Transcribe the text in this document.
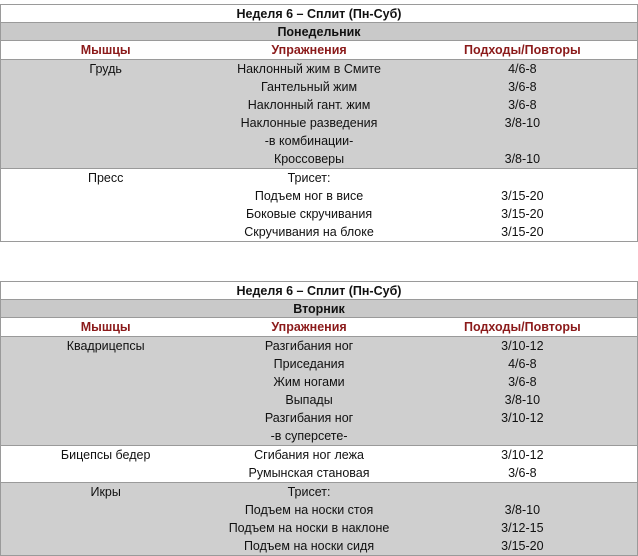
Неделя 6 – Сплит (Пн-Суб)
Понедельник
Мышцы	Упражнения	Подходы/Повторы
Грудь	Наклонный жим в Смите	4/6-8
Гантельный жим	3/6-8
Наклонный гант. жим	3/6-8
Наклонные разведения	3/8-10
-в комбинации-
Кроссоверы	3/8-10
Пресс	Трисет:
Подъем ног в висе	3/15-20
Боковые скручивания	3/15-20
Скручивания на блоке	3/15-20
Неделя 6 – Сплит (Пн-Суб)
Вторник
Мышцы	Упражнения	Подходы/Повторы
Квадрицепсы	Разгибания ног	3/10-12
Приседания	4/6-8
Жим ногами	3/6-8
Выпады	3/8-10
Разгибания ног	3/10-12
-в суперсете-
Бицепсы бедер	Сгибания ног лежа	3/10-12
Румынская становая	3/6-8
Икры	Трисет:
Подъем на носки стоя	3/8-10
Подъем на носки в наклоне	3/12-15
Подъем на носки сидя	3/15-20
